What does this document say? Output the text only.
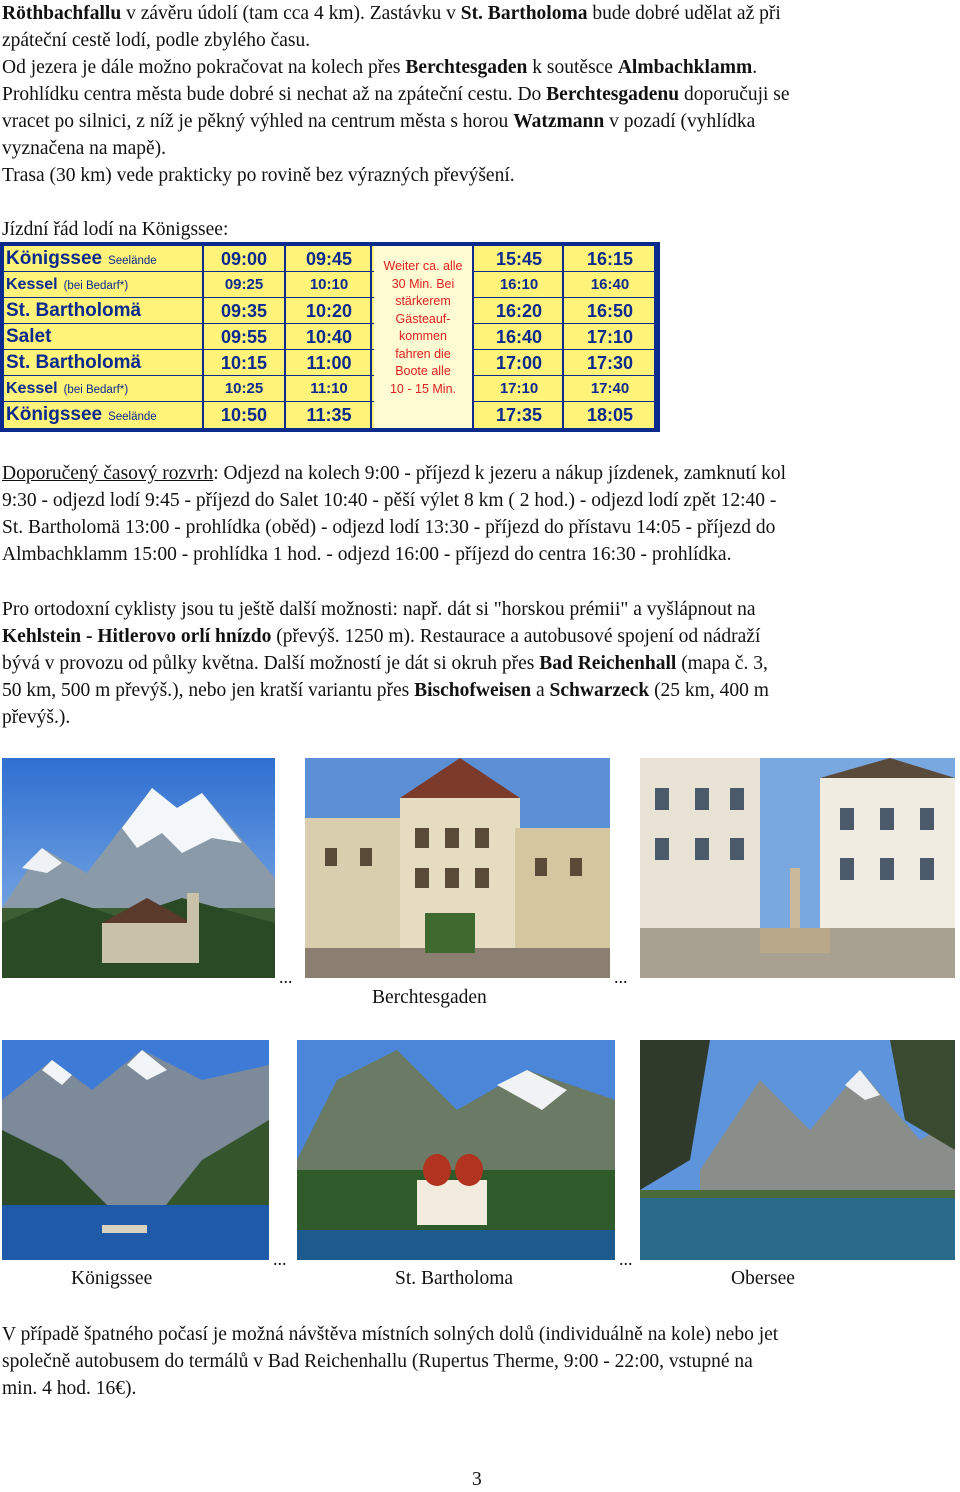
Röthbachfallu v závěru údolí (tam cca 4 km). Zastávku v St. Bartholoma bude dobré udělat až při
zpáteční cestě lodí, podle zbylého času.
Od jezera je dále možno pokračovat na kolech přes Berchtesgaden k soutěsce Almbachklamm.
Prohlídku centra města bude dobré si nechat až na zpáteční cestu. Do Berchtesgadenu doporučuji se
vracet po silnici, z níž je pěkný výhled na centrum města s horou Watzmann v pozadí (vyhlídka
vyznačena na mapě).
Trasa (30 km) vede prakticky po rovině bez výrazných převýšení.
Jízdní řád lodí na Königssee:
Königssee Seelände	09:00	09:45	15:45	16:15
Kessel (bei Bedarf*)	09:25	10:10	16:10	16:40
St. Bartholomä	09:35	10:20	16:20	16:50
Salet	09:55	10:40	16:40	17:10
St. Bartholomä	10:15	11:00	17:00	17:30
Kessel (bei Bedarf*)	10:25	11:10	17:10	17:40
Königssee Seelände	10:50	11:35	17:35	18:05
Weiter ca. alle
30 Min. Bei
stärkerem
Gästeauf-
kommen
fahren die
Boote alle
10 - 15 Min.
Doporučený časový rozvrh: Odjezd na kolech 9:00 - příjezd k jezeru a nákup jízdenek, zamknutí kol
9:30 - odjezd lodí 9:45 - příjezd do Salet 10:40 - pěší výlet 8 km ( 2 hod.) - odjezd lodí zpět 12:40 -
St. Bartholomä 13:00 - prohlídka (oběd) - odjezd lodí 13:30 - příjezd do přístavu 14:05 - příjezd do
Almbachklamm 15:00 - prohlídka 1 hod. - odjezd 16:00 - příjezd do centra 16:30 - prohlídka.
Pro ortodoxní cyklisty jsou tu ještě další možnosti: např. dát si "horskou prémii" a vyšlápnout na
Kehlstein - Hitlerovo orlí hnízdo (převýš. 1250 m). Restaurace a autobusové spojení od nádraží
bývá v provozu od půlky května. Další možností je dát si okruh přes Bad Reichenhall (mapa č. 3,
50 km, 500 m převýš.), nebo jen kratší variantu přes Bischofweisen a Schwarzeck (25 km, 400 m
převýš.).
...	...
Berchtesgaden
...	...
Königssee	St. Bartholoma	Obersee
V případě špatného počasí je možná návštěva místních solných dolů (individuálně na kole) nebo jet
společně autobusem do termálů v Bad Reichenhallu (Rupertus Therme, 9:00 - 22:00, vstupné na
min. 4 hod. 16€).
3
